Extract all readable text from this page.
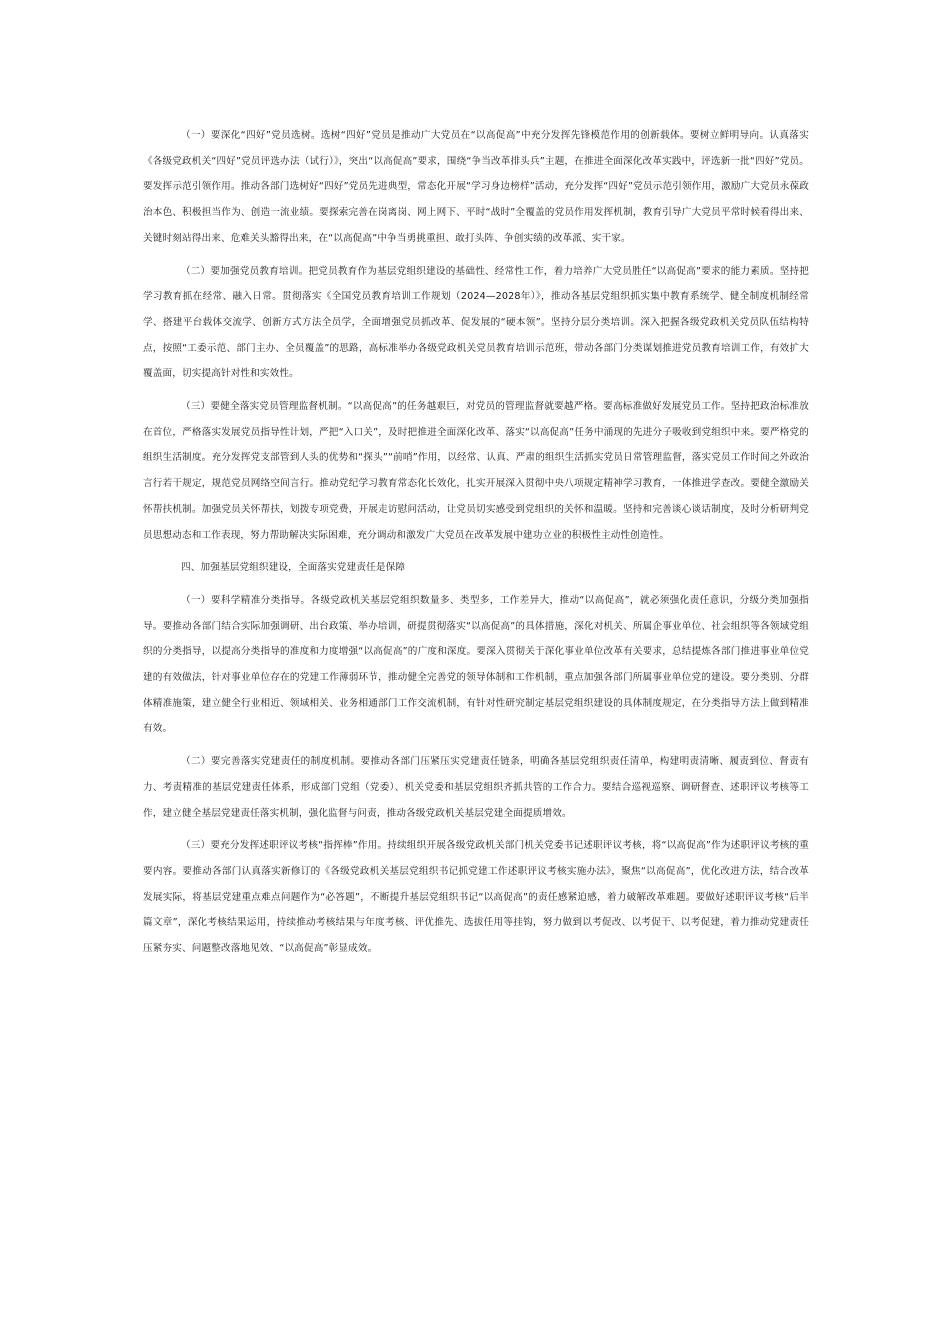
（一）要深化“四好”党员选树。选树“四好”党员是推动广大党员在“以高促高”中充分发挥先锋模范作用的创新载体。要树立鲜明导向。认真落实《各级党政机关“四好”党员评选办法（试行）》，突出“以高促高”要求，围绕“争当改革排头兵”主题，在推进全面深化改革实践中，评选新一批“四好”党员。要发挥示范引领作用。推动各部门选树好“四好”党员先进典型，常态化开展“学习身边榜样”活动，充分发挥“四好”党员示范引领作用，激励广大党员永葆政治本色、积极担当作为、创造一流业绩。要探索完善在岗离岗、网上网下、平时“战时”全覆盖的党员作用发挥机制，教育引导广大党员平常时候看得出来、关键时刻站得出来、危难关头豁得出来，在“以高促高”中争当勇挑重担、敢打头阵、争创实绩的改革派、实干家。

（二）要加强党员教育培训。把党员教育作为基层党组织建设的基础性、经常性工作，着力培养广大党员胜任“以高促高”要求的能力素质。坚持把学习教育抓在经常、融入日常。贯彻落实《全国党员教育培训工作规划（2024—2028年）》，推动各基层党组织抓实集中教育系统学、健全制度机制经常学、搭建平台载体交流学、创新方式方法全员学，全面增强党员抓改革、促发展的“硬本领”。坚持分层分类培训。深入把握各级党政机关党员队伍结构特点，按照“工委示范、部门主办、全员覆盖”的思路，高标准举办各级党政机关党员教育培训示范班，带动各部门分类谋划推进党员教育培训工作，有效扩大覆盖面，切实提高针对性和实效性。

（三）要健全落实党员管理监督机制。“以高促高”的任务越艰巨，对党员的管理监督就要越严格。要高标准做好发展党员工作。坚持把政治标准放在首位，严格落实发展党员指导性计划，严把“入口关”，及时把推进全面深化改革、落实“以高促高”任务中涌现的先进分子吸收到党组织中来。要严格党的组织生活制度。充分发挥党支部管到人头的优势和“探头”“前哨”作用，以经常、认真、严肃的组织生活抓实党员日常管理监督，落实党员工作时间之外政治言行若干规定，规范党员网络空间言行。推动党纪学习教育常态化长效化，扎实开展深入贯彻中央八项规定精神学习教育，一体推进学查改。要健全激励关怀帮扶机制。加强党员关怀帮扶，划拨专项党费，开展走访慰问活动，让党员切实感受到党组织的关怀和温暖。坚持和完善谈心谈话制度，及时分析研判党员思想动态和工作表现，努力帮助解决实际困难，充分调动和激发广大党员在改革发展中建功立业的积极性主动性创造性。

四、加强基层党组织建设，全面落实党建责任是保障

（一）要科学精准分类指导。各级党政机关基层党组织数量多、类型多，工作差异大，推动“以高促高”，就必须强化责任意识，分级分类加强指导。要推动各部门结合实际加强调研、出台政策、举办培训，研提贯彻落实“以高促高”的具体措施，深化对机关、所属企事业单位、社会组织等各领域党组织的分类指导，以提高分类指导的准度和力度增强“以高促高”的广度和深度。要深入贯彻关于深化事业单位改革有关要求，总结提炼各部门推进事业单位党建的有效做法，针对事业单位存在的党建工作薄弱环节，推动健全完善党的领导体制和工作机制，重点加强各部门所属事业单位党的建设。要分类别、分群体精准施策，建立健全行业相近、领域相关、业务相通部门工作交流机制，有针对性研究制定基层党组织建设的具体制度规定，在分类指导方法上做到精准有效。

（二）要完善落实党建责任的制度机制。要推动各部门压紧压实党建责任链条，明确各基层党组织责任清单，构建明责清晰、履责到位、督责有力、考责精准的基层党建责任体系，形成部门党组（党委）、机关党委和基层党组织齐抓共管的工作合力。要结合巡视巡察、调研督查、述职评议考核等工作，建立健全基层党建责任落实机制，强化监督与问责，推动各级党政机关基层党建全面提质增效。

（三）要充分发挥述职评议考核“指挥棒”作用。持续组织开展各级党政机关部门机关党委书记述职评议考核，将“以高促高”作为述职评议考核的重要内容。要推动各部门认真落实新修订的《各级党政机关基层党组织书记抓党建工作述职评议考核实施办法》，聚焦“以高促高”，优化改进方法，结合改革发展实际，将基层党建重点难点问题作为“必答题”，不断提升基层党组织书记“以高促高”的责任感紧迫感，着力破解改革难题。要做好述职评议考核“后半篇文章”，深化考核结果运用，持续推动考核结果与年度考核、评优推先、选拔任用等挂钩，努力做到以考促改、以考促干、以考促建，着力推动党建责任压紧夯实、问题整改落地见效、“以高促高”彰显成效。
